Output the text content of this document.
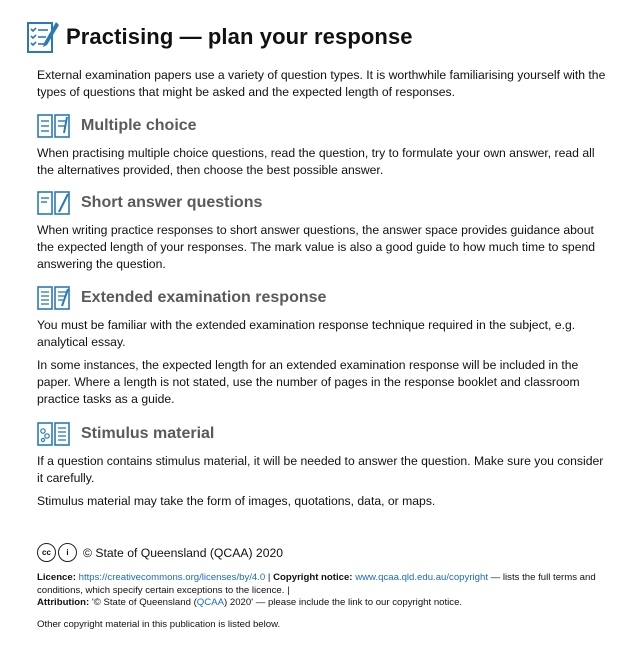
Practising — plan your response

External examination papers use a variety of question types. It is worthwhile familiarising yourself with the types of questions that might be asked and the expected length of responses.

Multiple choice

When practising multiple choice questions, read the question, try to formulate your own answer, read all the alternatives provided, then choose the best possible answer.

Short answer questions

When writing practice responses to short answer questions, the answer space provides guidance about the expected length of your responses. The mark value is also a good guide to how much time to spend answering the question.

Extended examination response

You must be familiar with the extended examination response technique required in the subject, e.g. analytical essay.

In some instances, the expected length for an extended examination response will be included in the paper. Where a length is not stated, use the number of pages in the response booklet and classroom practice tasks as a guide.

Stimulus material

If a question contains stimulus material, it will be needed to answer the question. Make sure you consider it carefully.

Stimulus material may take the form of images, quotations, data, or maps.

cc	i	© State of Queensland (QCAA) 2020

Licence: https://creativecommons.org/licenses/by/4.0 | Copyright notice: www.qcaa.qld.edu.au/copyright — lists the full terms and conditions, which specify certain exceptions to the licence. |

Attribution: '© State of Queensland (QCAA) 2020' — please include the link to our copyright notice.

Other copyright material in this publication is listed below.
